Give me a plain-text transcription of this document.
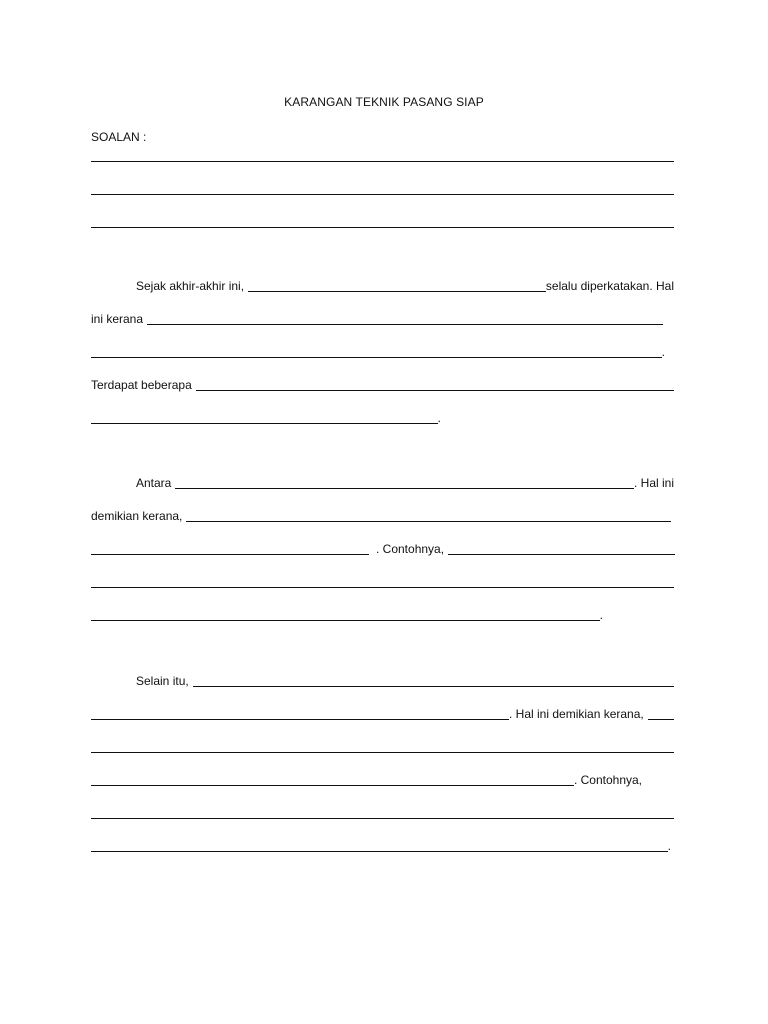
KARANGAN TEKNIK PASANG SIAP
SOALAN :
Sejak akhir-akhir ini,	selalu diperkatakan. Hal
ini kerana
.
Terdapat beberapa
.
Antara	. Hal ini
demikian kerana,
. Contohnya,
.
Selain itu,
. Hal ini demikian kerana,
. Contohnya,
.
